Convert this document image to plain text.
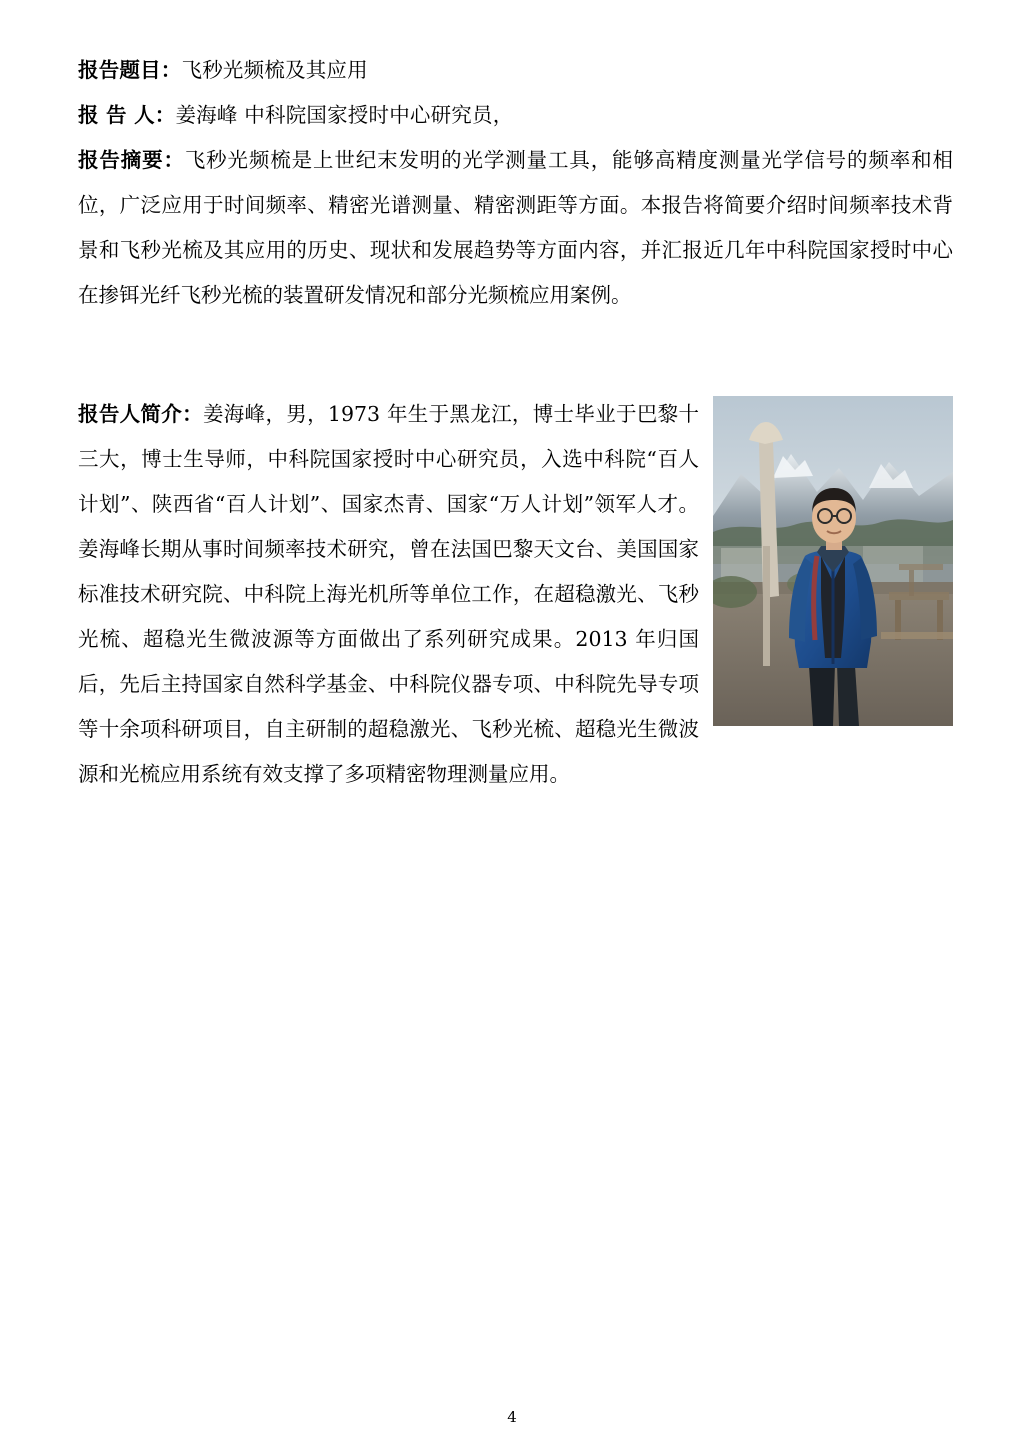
报告题目：飞秒光频梳及其应用
报 告 人：姜海峰 中科院国家授时中心研究员，
报告摘要：飞秒光频梳是上世纪末发明的光学测量工具，能够高精度测量光学信号的频率和相位，广泛应用于时间频率、精密光谱测量、精密测距等方面。本报告将简要介绍时间频率技术背景和飞秒光梳及其应用的历史、现状和发展趋势等方面内容，并汇报近几年中科院国家授时中心在掺铒光纤飞秒光梳的装置研发情况和部分光频梳应用案例。
报告人简介：姜海峰，男，1973 年生于黑龙江，博士毕业于巴黎十三大，博士生导师，中科院国家授时中心研究员，入选中科院“百人计划”、陕西省“百人计划”、国家杰青、国家“万人计划”领军人才。姜海峰长期从事时间频率技术研究，曾在法国巴黎天文台、美国国家标准技术研究院、中科院上海光机所等单位工作，在超稳激光、飞秒光梳、超稳光生微波源等方面做出了系列研究成果。2013 年归国后，先后主持国家自然科学基金、中科院仪器专项、中科院先导专项等十余项科研项目，自主研制的超稳激光、飞秒光梳、超稳光生微波源和光梳应用系统有效支撑了多项精密物理测量应用。
4
